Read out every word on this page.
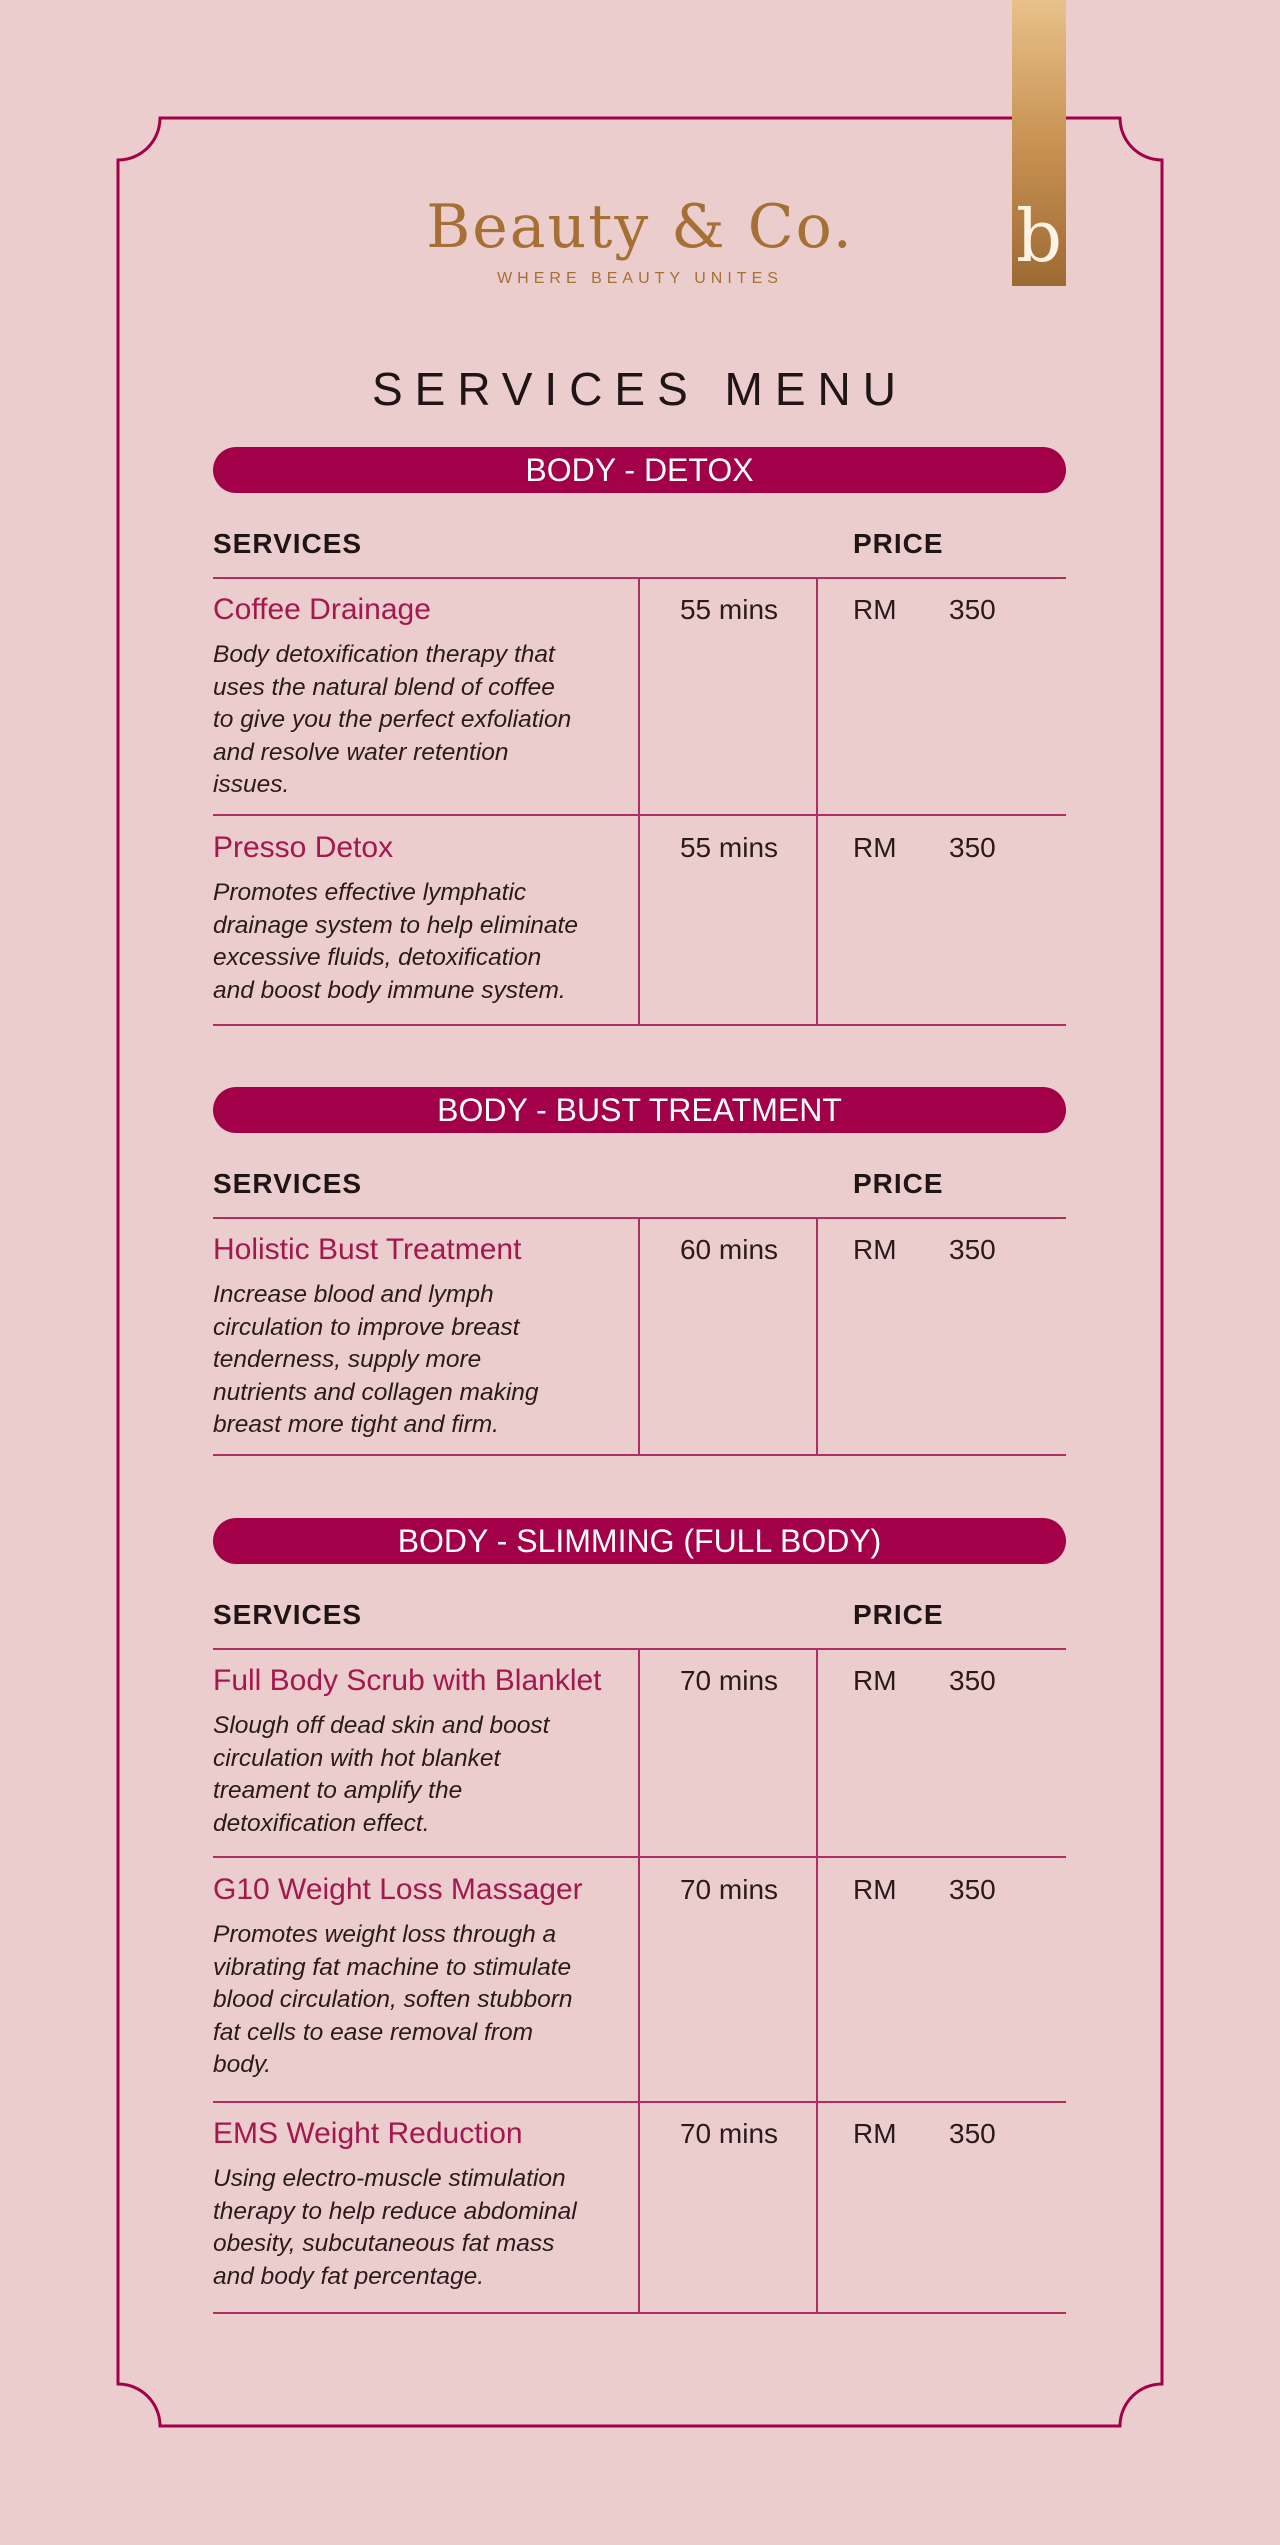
b
Beauty & Co.
WHERE BEAUTY UNITES
SERVICES MENU
BODY - DETOX
SERVICES	PRICE
Coffee Drainage
Body detoxification therapy that
uses the natural blend of coffee
to give you the perfect exfoliation
and resolve water retention
issues.
55 mins	RM 350
Presso Detox
Promotes effective lymphatic
drainage system to help eliminate
excessive fluids, detoxification
and boost body immune system.
55 mins	RM 350
BODY - BUST TREATMENT
SERVICES	PRICE
Holistic Bust Treatment
Increase blood and lymph
circulation to improve breast
tenderness, supply more
nutrients and collagen making
breast more tight and firm.
60 mins	RM 350
BODY - SLIMMING (FULL BODY)
SERVICES	PRICE
Full Body Scrub with Blanklet
Slough off dead skin and boost
circulation with hot blanket
treament to amplify the
detoxification effect.
70 mins	RM 350
G10 Weight Loss Massager
Promotes weight loss through a
vibrating fat machine to stimulate
blood circulation, soften stubborn
fat cells to ease removal from
body.
70 mins	RM 350
EMS Weight Reduction
Using electro-muscle stimulation
therapy to help reduce abdominal
obesity, subcutaneous fat mass
and body fat percentage.
70 mins	RM 350
